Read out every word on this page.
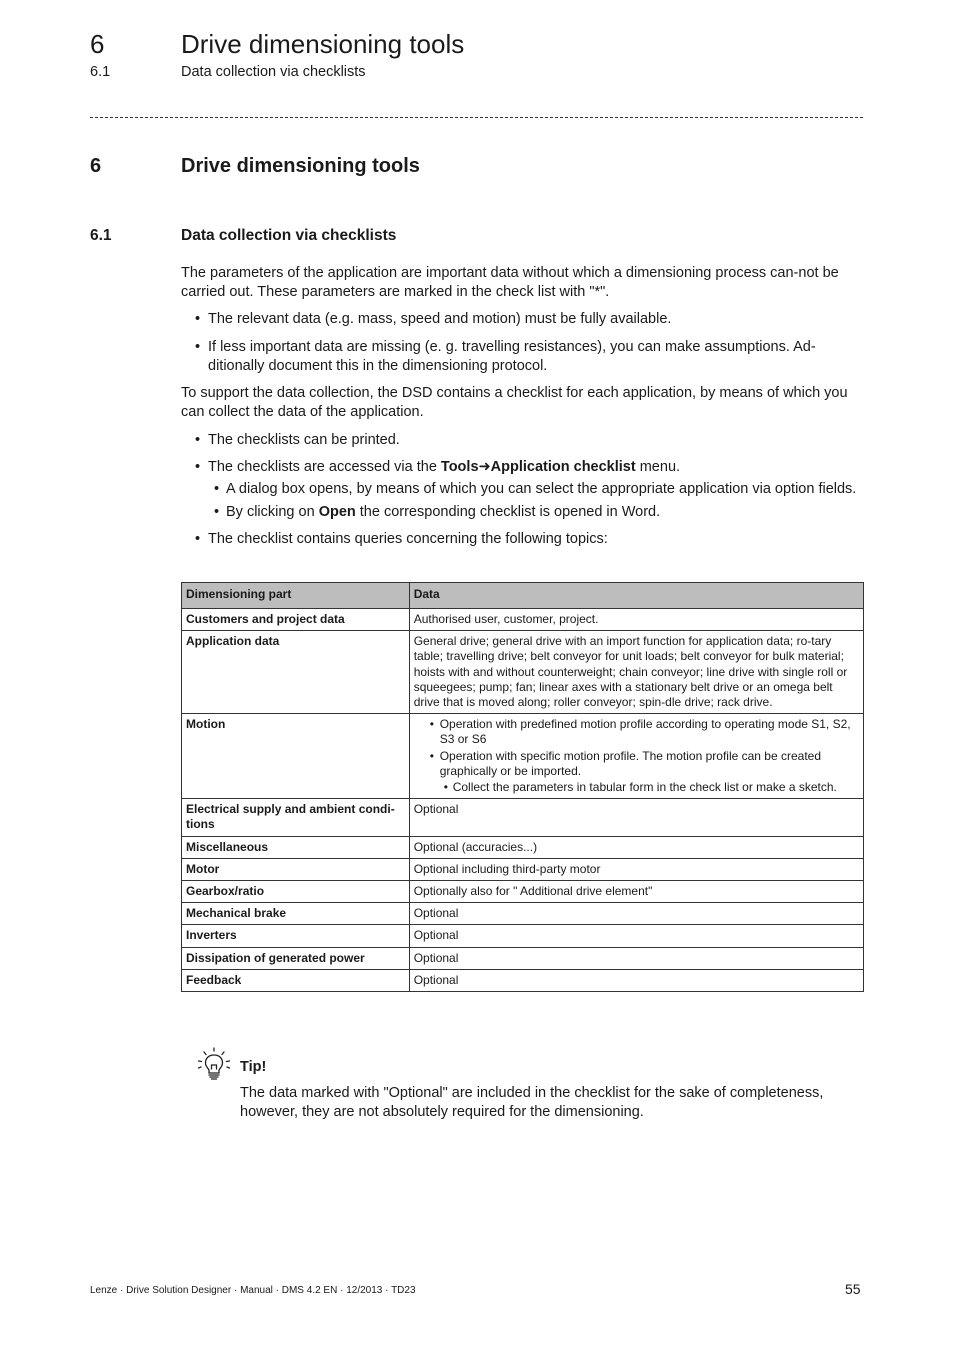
6	Drive dimensioning tools
6.1	Data collection via checklists
6	Drive dimensioning tools
6.1	Data collection via checklists

The parameters of the application are important data without which a dimensioning process can-not be carried out. These parameters are marked in the check list with "*".

• The relevant data (e.g. mass, speed and motion) must be fully available.

• If less important data are missing (e. g. travelling resistances), you can make assumptions. Ad-ditionally document this in the dimensioning protocol.

To support the data collection, the DSD contains a checklist for each application, by means of which you can collect the data of the application.

• The checklists can be printed.

• The checklists are accessed via the Tools➜Application checklist menu.

• A dialog box opens, by means of which you can select the appropriate application via option fields.

• By clicking on Open the corresponding checklist is opened in Word.

• The checklist contains queries concerning the following topics:

Dimensioning part	Data
Customers and project data	Authorised user, customer, project.
Application data	General drive; general drive with an import function for application data; ro-tary table; travelling drive; belt conveyor for unit loads; belt conveyor for bulk material; hoists with and without counterweight; chain conveyor; line drive with single roll or squeegees; pump; fan; linear axes with a stationary belt drive or an omega belt drive that is moved along; roller conveyor; spin-dle drive; rack drive.
Motion	• Operation with predefined motion profile according to operating mode S1, S2, S3 or S6
• Operation with specific motion profile. The motion profile can be created graphically or be imported.
• Collect the parameters in tabular form in the check list or make a sketch.

Electrical supply and ambient condi-tions	Optional
Miscellaneous	Optional (accuracies...)
Motor	Optional including third-party motor
Gearbox/ratio	Optionally also for " Additional drive element"
Mechanical brake	Optional
Inverters	Optional
Dissipation of generated power	Optional
Feedback	Optional
Tip!
The data marked with "Optional" are included in the checklist for the sake of completeness, however, they are not absolutely required for the dimensioning.
Lenze · Drive Solution Designer · Manual · DMS 4.2 EN · 12/2013 · TD23	55
